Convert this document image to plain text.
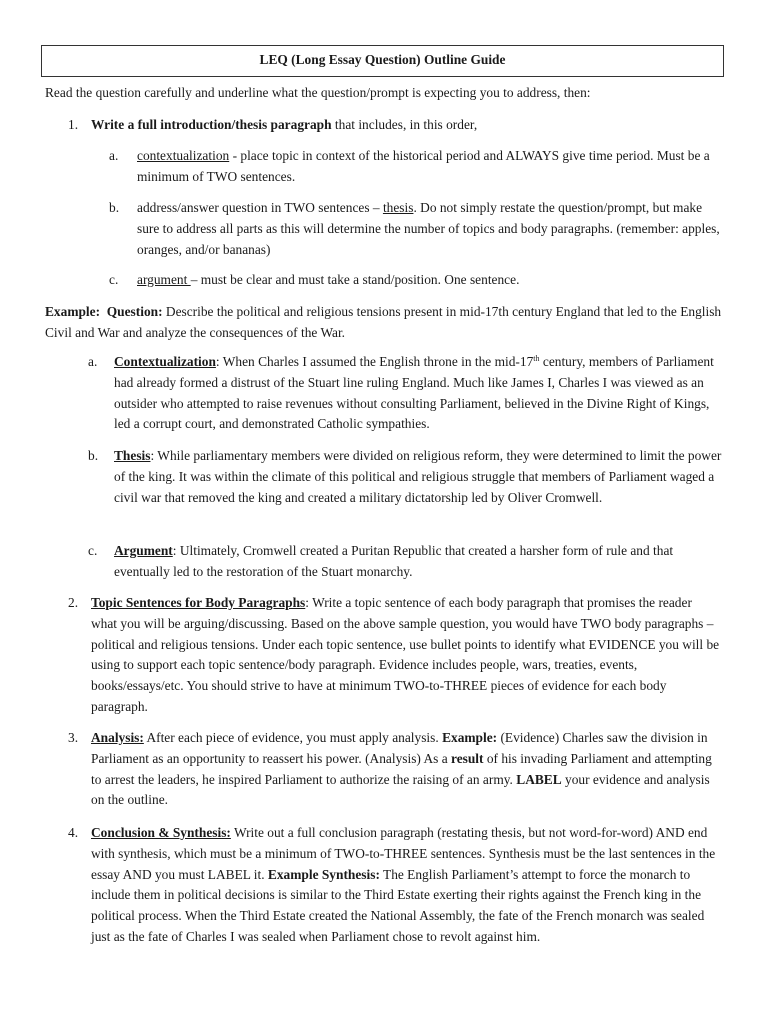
LEQ (Long Essay Question) Outline Guide

Read the question carefully and underline what the question/prompt is expecting you to address, then:

1. Write a full introduction/thesis paragraph that includes, in this order,

a. contextualization - place topic in context of the historical period and ALWAYS give time period. Must be a minimum of TWO sentences.
b. address/answer question in TWO sentences – thesis. Do not simply restate the question/prompt, but make sure to address all parts as this will determine the number of topics and body paragraphs. (remember: apples, oranges, and/or bananas)
c. argument – must be clear and must take a stand/position. One sentence.

Example: Question: Describe the political and religious tensions present in mid-17th century England that led to the English Civil and War and analyze the consequences of the War.

a. Contextualization: When Charles I assumed the English throne in the mid-17th century, members of Parliament had already formed a distrust of the Stuart line ruling England. Much like James I, Charles I was viewed as an outsider who attempted to raise revenues without consulting Parliament, believed in the Divine Right of Kings, led a corrupt court, and demonstrated Catholic sympathies.
b. Thesis: While parliamentary members were divided on religious reform, they were determined to limit the power of the king. It was within the climate of this political and religious struggle that members of Parliament waged a civil war that removed the king and created a military dictatorship led by Oliver Cromwell.
c. Argument: Ultimately, Cromwell created a Puritan Republic that created a harsher form of rule and that eventually led to the restoration of the Stuart monarchy.
2. Topic Sentences for Body Paragraphs: Write a topic sentence of each body paragraph that promises the reader what you will be arguing/discussing. Based on the above sample question, you would have TWO body paragraphs – political and religious tensions. Under each topic sentence, use bullet points to identify what EVIDENCE you will be using to support each topic sentence/body paragraph. Evidence includes people, wars, treaties, events, books/essays/etc. You should strive to have at minimum TWO-to-THREE pieces of evidence for each body paragraph.

3. Analysis: After each piece of evidence, you must apply analysis. Example: (Evidence) Charles saw the division in Parliament as an opportunity to reassert his power. (Analysis) As a result of his invading Parliament and attempting to arrest the leaders, he inspired Parliament to authorize the raising of an army. LABEL your evidence and analysis on the outline.

4. Conclusion & Synthesis: Write out a full conclusion paragraph (restating thesis, but not word-for-word) AND end with synthesis, which must be a minimum of TWO-to-THREE sentences. Synthesis must be the last sentences in the essay AND you must LABEL it. Example Synthesis: The English Parliament’s attempt to force the monarch to include them in political decisions is similar to the Third Estate exerting their rights against the French king in the political process. When the Third Estate created the National Assembly, the fate of the French monarch was sealed just as the fate of Charles I was sealed when Parliament chose to revolt against him.
